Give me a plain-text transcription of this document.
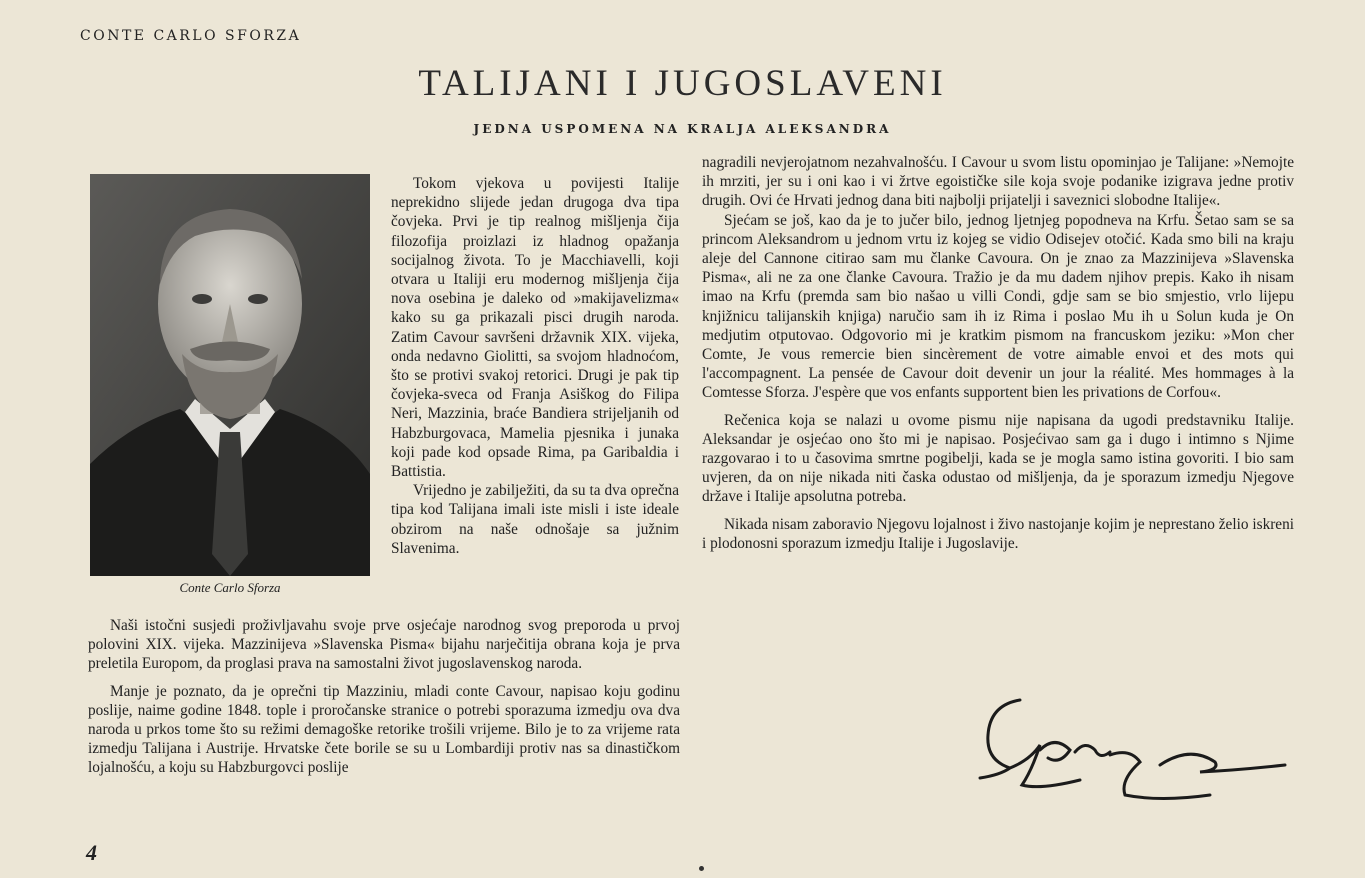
CONTE CARLO SFORZA
TALIJANI I JUGOSLAVENI
JEDNA USPOMENA NA KRALJA ALEKSANDRA
Conte Carlo Sforza

Tokom vjekova u povijesti Italije neprekidno slijede jedan drugoga dva tipa čovjeka. Prvi je tip realnog mišljenja čija filozofija proizlazi iz hladnog opažanja socijalnog života. To je Macchiavelli, koji otvara u Italiji eru modernog mišljenja čija nova osebina je daleko od »makijavelizma« kako su ga prikazali pisci drugih naroda. Zatim Cavour savršeni državnik XIX. vijeka, onda nedavno Giolitti, sa svojom hladnoćom, što se protivi svakoj retorici. Drugi je pak tip čovjeka-sveca od Franja Asiškog do Filipa Neri, Mazzinia, braće Bandiera strijeljanih od Habzburgovaca, Mamelia pjesnika i junaka koji pade kod opsade Rima, pa Garibaldia i Battistia.

Vrijedno je zabilježiti, da su ta dva oprečna tipa kod Talijana imali iste misli i iste ideale obzirom na naše odnošaje sa južnim Slavenima.

Naši istočni susjedi proživljavahu svoje prve osjećaje narodnog svog preporoda u prvoj polovini XIX. vijeka. Mazzinijeva »Slavenska Pisma« bijahu narječitija obrana koja je prva preletila Europom, da proglasi prava na samostalni život jugoslavenskog naroda.

Manje je poznato, da je oprečni tip Mazziniu, mladi conte Cavour, napisao koju godinu poslije, naime godine 1848. tople i proročanske stranice o potrebi sporazuma izmedju ova dva naroda u prkos tome što su režimi demagoške retorike trošili vrijeme. Bilo je to za vrijeme rata izmedju Talijana i Austrije. Hrvatske čete borile se su u Lombardiji protiv nas sa dinastičkom lojalnošću, a koju su Habzburgovci poslije

nagradili nevjerojatnom nezahvalnošću. I Cavour u svom listu opominjao je Talijane: »Nemojte ih mrziti, jer su i oni kao i vi žrtve egoističke sile koja svoje podanike izigrava jedne protiv drugih. Ovi će Hrvati jednog dana biti najbolji prijatelji i saveznici slobodne Italije«.

Sjećam se još, kao da je to jučer bilo, jednog ljetnjeg popodneva na Krfu. Šetao sam se sa princom Aleksandrom u jednom vrtu iz kojeg se vidio Odisejev otočić. Kada smo bili na kraju aleje del Cannone citirao sam mu članke Cavoura. On je znao za Mazzinijeva »Slavenska Pisma«, ali ne za one članke Cavoura. Tražio je da mu dadem njihov prepis. Kako ih nisam imao na Krfu (premda sam bio našao u villi Condi, gdje sam se bio smjestio, vrlo lijepu knjižnicu talijanskih knjiga) naručio sam ih iz Rima i poslao Mu ih u Solun kuda je On medjutim otputovao. Odgovorio mi je kratkim pismom na francuskom jeziku: »Mon cher Comte, Je vous remercie bien sincèrement de votre aimable envoi et des mots qui l'accompagnent. La pensée de Cavour doit devenir un jour la réalité. Mes hommages à la Comtesse Sforza. J'espère que vos enfants supportent bien les privations de Corfou«.

Rečenica koja se nalazi u ovome pismu nije napisana da ugodi predstavniku Italije. Aleksandar je osjećao ono što mi je napisao. Posjećivao sam ga i dugo i intimno s Njime razgovarao i to u časovima smrtne pogibelji, kada se je mogla samo istina govoriti. I bio sam uvjeren, da on nije nikada niti časka odustao od mišljenja, da je sporazum izmedju Njegove države i Italije apsolutna potreba.

Nikada nisam zaboravio Njegovu lojalnost i živo nastojanje kojim je neprestano želio iskreni i plodonosni sporazum izmedju Italije i Jugoslavije.

4
